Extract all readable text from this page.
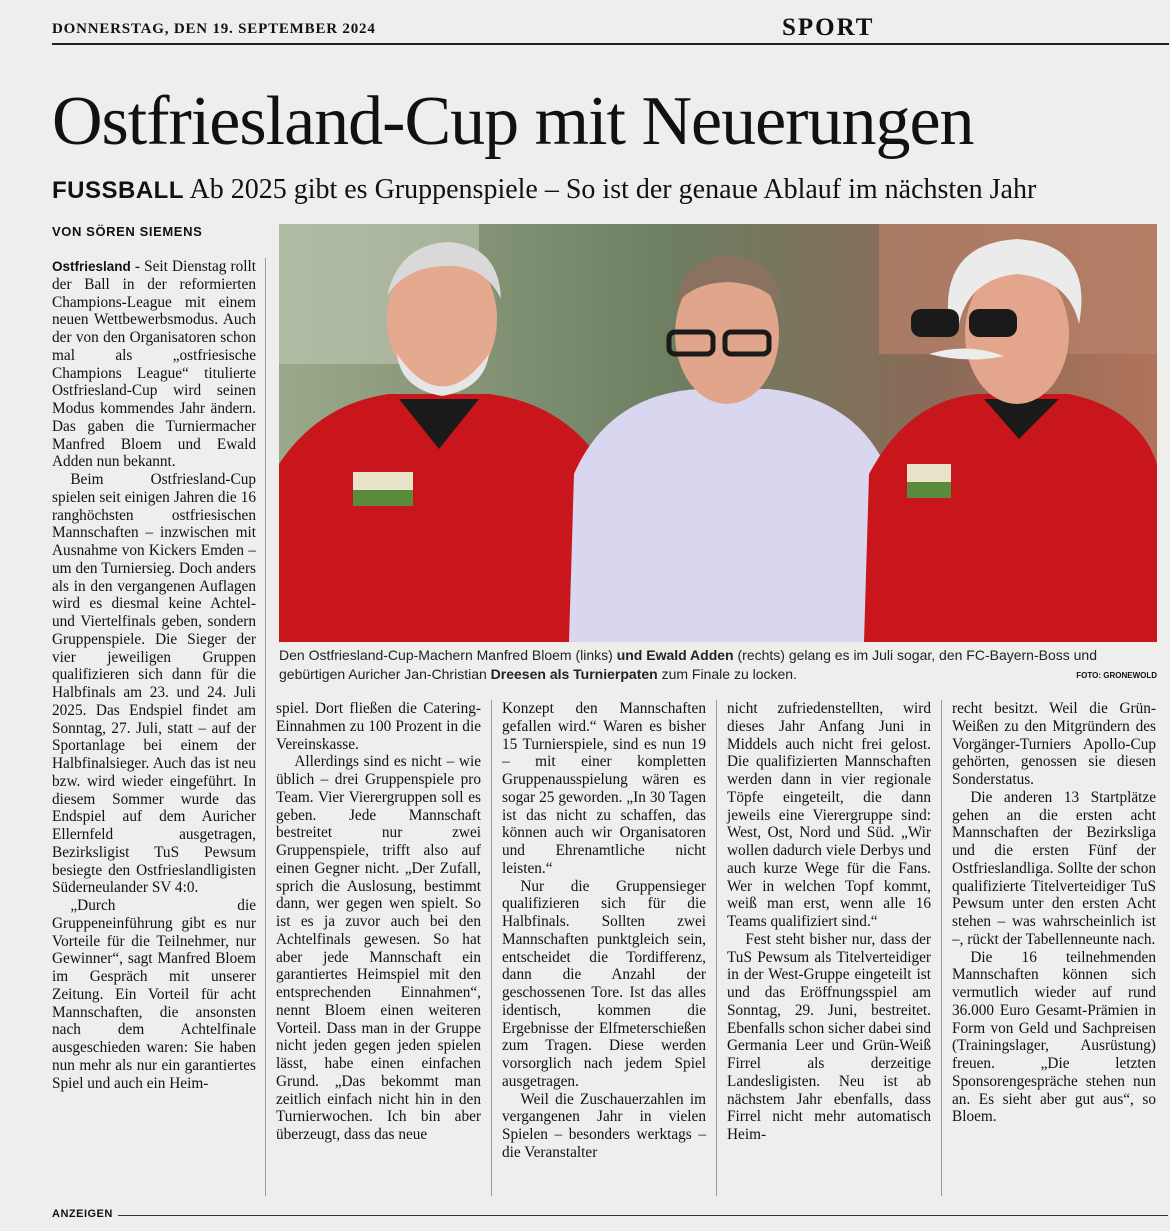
DONNERSTAG, DEN 19. SEPTEMBER 2024	SPORT
Ostfriesland-Cup mit Neuerungen
FUSSBALL Ab 2025 gibt es Gruppenspiele – So ist der genaue Ablauf im nächsten Jahr
VON SÖREN SIEMENS
Den Ostfriesland-Cup-Machern Manfred Bloem (links) und Ewald Adden (rechts) gelang es im Juli sogar, den FC-Bayern-Boss und gebürtigen Auricher Jan-Christian Dreesen als Turnierpaten zum Finale zu locken.	FOTO: GRONEWOLD

Ostfriesland - Seit Dienstag rollt der Ball in der reformierten Champions-League mit einem neuen Wettbewerbsmodus. Auch der von den Organisatoren schon mal als „ostfriesische Champions League“ titulierte Ostfriesland-Cup wird seinen Modus kommendes Jahr ändern. Das gaben die Turniermacher Manfred Bloem und Ewald Adden nun bekannt.

Beim Ostfriesland-Cup spielen seit einigen Jahren die 16 ranghöchsten ostfriesischen Mannschaften – inzwischen mit Ausnahme von Kickers Emden – um den Turniersieg. Doch anders als in den vergangenen Auflagen wird es diesmal keine Achtel- und Viertelfinals geben, sondern Gruppenspiele. Die Sieger der vier jeweiligen Gruppen qualifizieren sich dann für die Halbfinals am 23. und 24. Juli 2025. Das Endspiel findet am Sonntag, 27. Juli, statt – auf der Sportanlage bei einem der Halbfinalsieger. Auch das ist neu bzw. wird wieder eingeführt. In diesem Sommer wurde das Endspiel auf dem Auricher Ellernfeld ausgetragen, Bezirksligist TuS Pewsum besiegte den Ostfrieslandligisten Süderneulander SV 4:0.

„Durch die Gruppeneinführung gibt es nur Vorteile für die Teilnehmer, nur Gewinner“, sagt Manfred Bloem im Gespräch mit unserer Zeitung. Ein Vorteil für acht Mannschaften, die ansonsten nach dem Achtelfinale ausgeschieden waren: Sie haben nun mehr als nur ein garantiertes Spiel und auch ein Heim-

spiel. Dort fließen die Catering-Einnahmen zu 100 Prozent in die Vereinskasse.

Allerdings sind es nicht – wie üblich – drei Gruppenspiele pro Team. Vier Vierergruppen soll es geben. Jede Mannschaft bestreitet nur zwei Gruppenspiele, trifft also auf einen Gegner nicht. „Der Zufall, sprich die Auslosung, bestimmt dann, wer gegen wen spielt. So ist es ja zuvor auch bei den Achtelfinals gewesen. So hat aber jede Mannschaft ein garantiertes Heimspiel mit den entsprechenden Einnahmen“, nennt Bloem einen weiteren Vorteil. Dass man in der Gruppe nicht jeden gegen jeden spielen lässt, habe einen einfachen Grund. „Das bekommt man zeitlich einfach nicht hin in den Turnierwochen. Ich bin aber überzeugt, dass das neue

Konzept den Mannschaften gefallen wird.“ Waren es bisher 15 Turnierspiele, sind es nun 19 – mit einer kompletten Gruppenausspielung wären es sogar 25 geworden. „In 30 Tagen ist das nicht zu schaffen, das können auch wir Organisatoren und Ehrenamtliche nicht leisten.“

Nur die Gruppensieger qualifizieren sich für die Halbfinals. Sollten zwei Mannschaften punktgleich sein, entscheidet die Tordifferenz, dann die Anzahl der geschossenen Tore. Ist das alles identisch, kommen die Ergebnisse der Elfmeterschießen zum Tragen. Diese werden vorsorglich nach jedem Spiel ausgetragen.

Weil die Zuschauerzahlen im vergangenen Jahr in vielen Spielen – besonders werktags – die Veranstalter

nicht zufriedenstellten, wird dieses Jahr Anfang Juni in Middels auch nicht frei gelost. Die qualifizierten Mannschaften werden dann in vier regionale Töpfe eingeteilt, die dann jeweils eine Vierergruppe sind: West, Ost, Nord und Süd. „Wir wollen dadurch viele Derbys und auch kurze Wege für die Fans. Wer in welchen Topf kommt, weiß man erst, wenn alle 16 Teams qualifiziert sind.“

Fest steht bisher nur, dass der TuS Pewsum als Titelverteidiger in der West-Gruppe eingeteilt ist und das Eröffnungsspiel am Sonntag, 29. Juni, bestreitet. Ebenfalls schon sicher dabei sind Germania Leer und Grün-Weiß Firrel als derzeitige Landesligisten. Neu ist ab nächstem Jahr ebenfalls, dass Firrel nicht mehr automatisch Heim-

recht besitzt. Weil die Grün-Weißen zu den Mitgründern des Vorgänger-Turniers Apollo-Cup gehörten, genossen sie diesen Sonderstatus.

Die anderen 13 Startplätze gehen an die ersten acht Mannschaften der Bezirksliga und die ersten Fünf der Ostfrieslandliga. Sollte der schon qualifizierte Titelverteidiger TuS Pewsum unter den ersten Acht stehen – was wahrscheinlich ist –, rückt der Tabellenneunte nach.

Die 16 teilnehmenden Mannschaften können sich vermutlich wieder auf rund 36.000 Euro Gesamt-Prämien in Form von Geld und Sachpreisen (Trainingslager, Ausrüstung) freuen. „Die letzten Sponsorengespräche stehen nun an. Es sieht aber gut aus“, so Bloem.

ANZEIGEN
